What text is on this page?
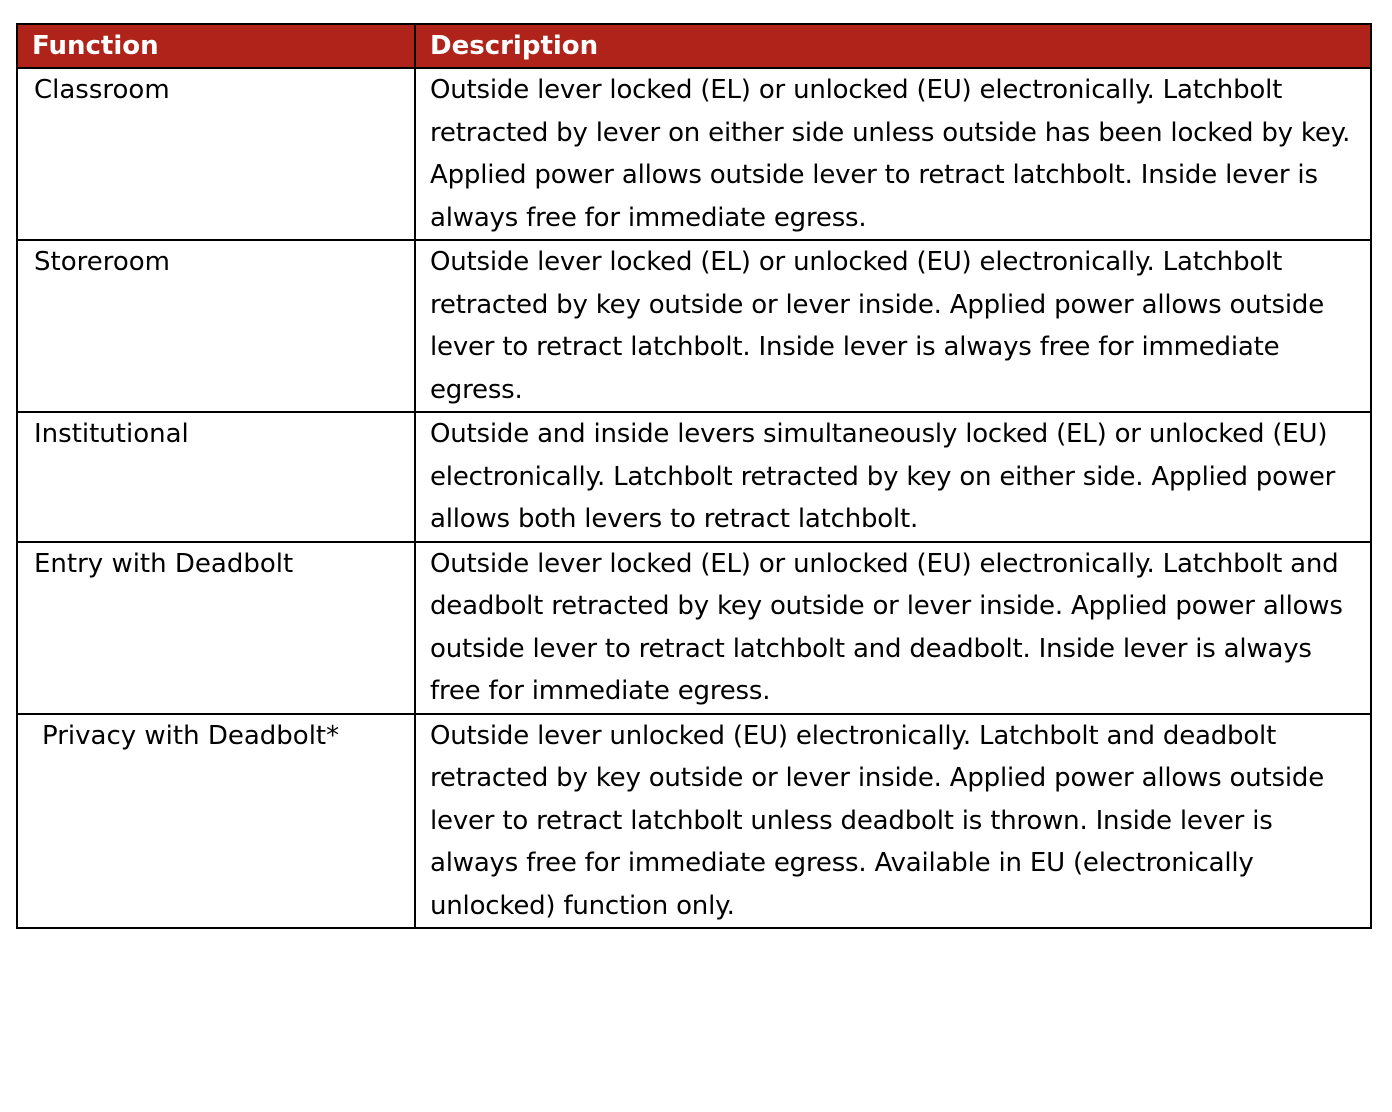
Function	Description
Classroom	Outside lever locked (EL) or unlocked (EU) electronically. Latchbolt retracted by lever on either side unless outside has been locked by key. Applied power allows outside lever to retract latchbolt. Inside lever is always free for immediate egress.
Storeroom	Outside lever locked (EL) or unlocked (EU) electronically. Latchbolt retracted by key outside or lever inside. Applied power allows outside lever to retract latchbolt. Inside lever is always free for immediate egress.
Institutional	Outside and inside levers simultaneously locked (EL) or unlocked (EU) electronically. Latchbolt retracted by key on either side. Applied power allows both levers to retract latchbolt.
Entry with Deadbolt	Outside lever locked (EL) or unlocked (EU) electronically. Latchbolt and deadbolt retracted by key outside or lever inside. Applied power allows outside lever to retract latchbolt and deadbolt. Inside lever is always free for immediate egress.
Privacy with Deadbolt*	Outside lever unlocked (EU) electronically. Latchbolt and deadbolt retracted by key outside or lever inside. Applied power allows outside lever to retract latchbolt unless deadbolt is thrown. Inside lever is always free for immediate egress. Available in EU (electronically unlocked) function only.
